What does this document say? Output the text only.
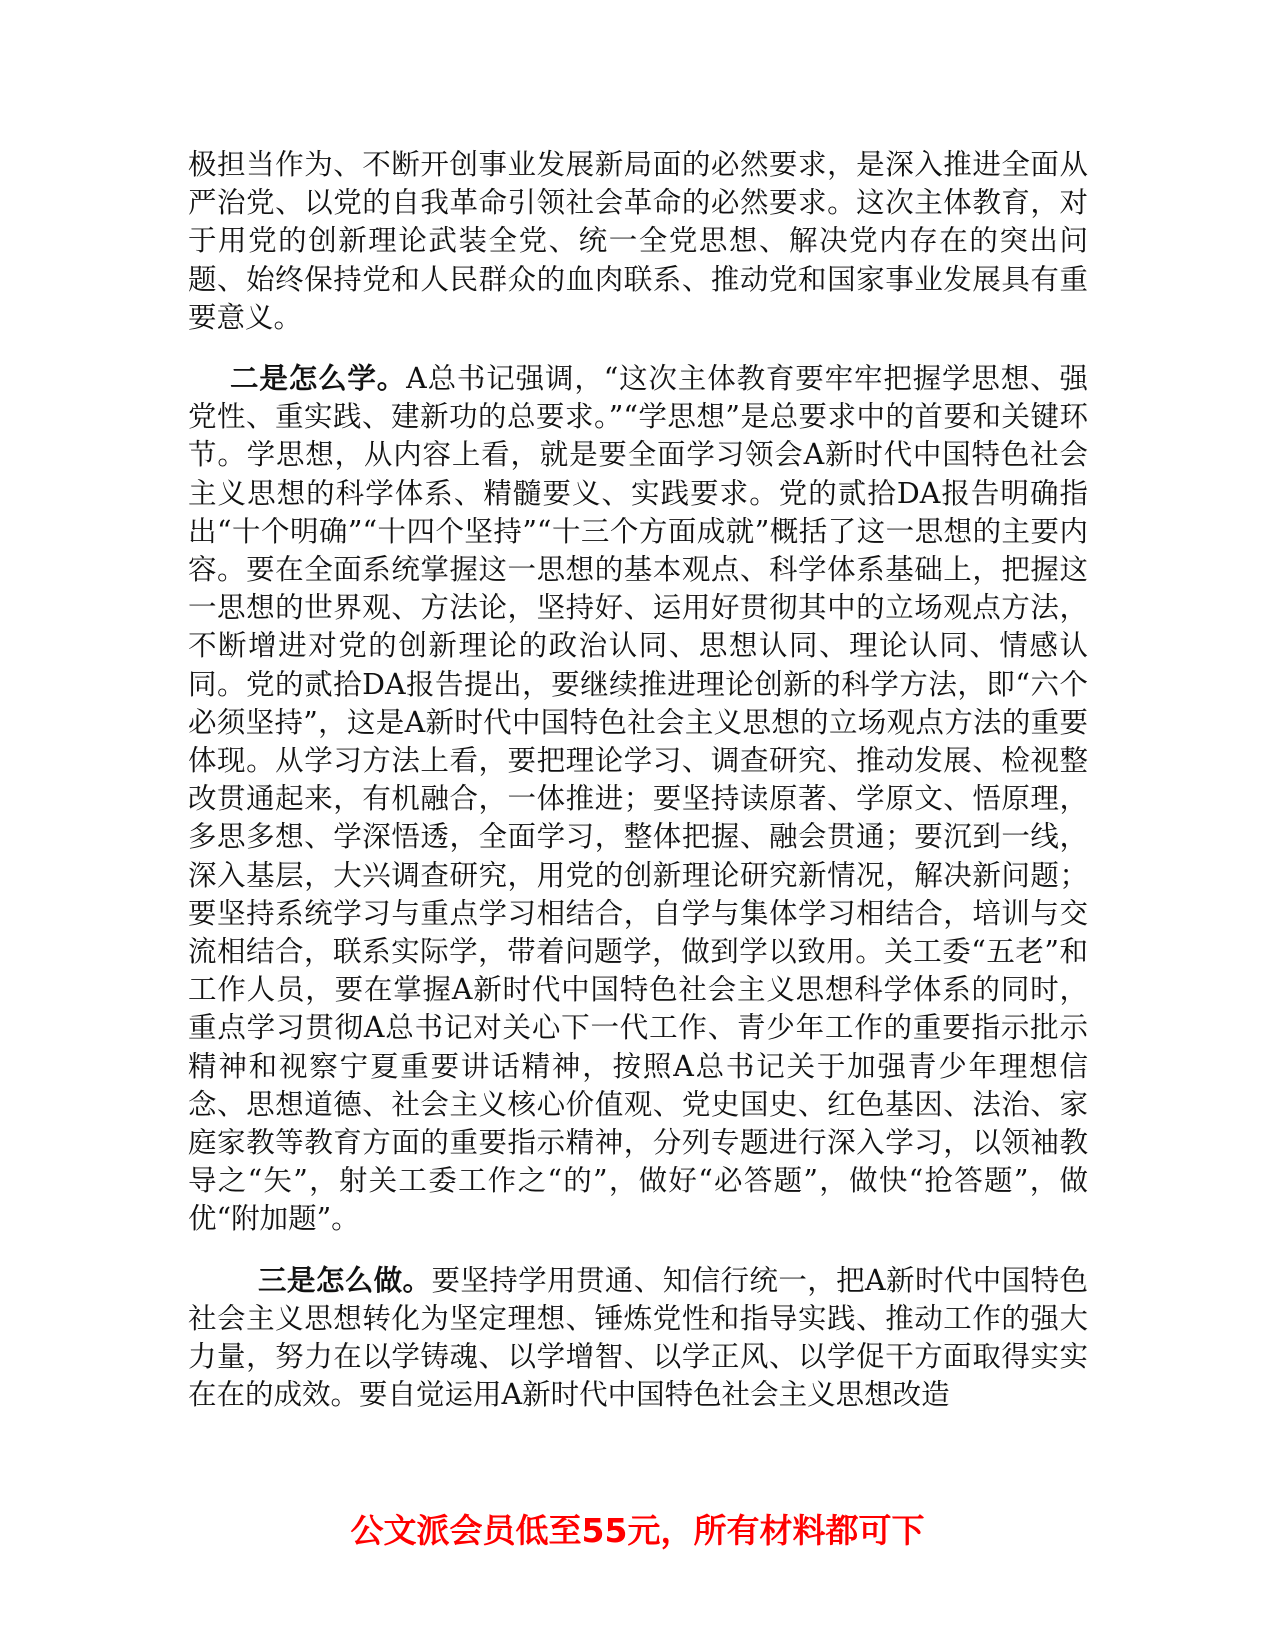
极担当作为、不断开创事业发展新局面的必然要求，是深入推进全面从严治党、以党的自我革命引领社会革命的必然要求。这次主体教育，对于用党的创新理论武装全党、统一全党思想、解决党内存在的突出问题、始终保持党和人民群众的血肉联系、推动党和国家事业发展具有重要意义。

二是怎么学。A总书记强调，“这次主体教育要牢牢把握学思想、强党性、重实践、建新功的总要求。”“学思想”是总要求中的首要和关键环节。学思想，从内容上看，就是要全面学习领会A新时代中国特色社会主义思想的科学体系、精髓要义、实践要求。党的贰拾DA报告明确指出“十个明确”“十四个坚持”“十三个方面成就”概括了这一思想的主要内容。要在全面系统掌握这一思想的基本观点、科学体系基础上，把握这一思想的世界观、方法论，坚持好、运用好贯彻其中的立场观点方法，不断增进对党的创新理论的政治认同、思想认同、理论认同、情感认同。党的贰拾DA报告提出，要继续推进理论创新的科学方法，即“六个必须坚持”，这是A新时代中国特色社会主义思想的立场观点方法的重要体现。从学习方法上看，要把理论学习、调查研究、推动发展、检视整改贯通起来，有机融合，一体推进；要坚持读原著、学原文、悟原理，多思多想、学深悟透，全面学习，整体把握、融会贯通；要沉到一线，深入基层，大兴调查研究，用党的创新理论研究新情况，解决新问题；要坚持系统学习与重点学习相结合，自学与集体学习相结合，培训与交流相结合，联系实际学，带着问题学，做到学以致用。关工委“五老”和工作人员，要在掌握A新时代中国特色社会主义思想科学体系的同时，重点学习贯彻A总书记对关心下一代工作、青少年工作的重要指示批示精神和视察宁夏重要讲话精神，按照A总书记关于加强青少年理想信念、思想道德、社会主义核心价值观、党史国史、红色基因、法治、家庭家教等教育方面的重要指示精神，分列专题进行深入学习，以领袖教导之“矢”，射关工委工作之“的”，做好“必答题”，做快“抢答题”，做优“附加题”。

三是怎么做。要坚持学用贯通、知信行统一，把A新时代中国特色社会主义思想转化为坚定理想、锤炼党性和指导实践、推动工作的强大力量，努力在以学铸魂、以学增智、以学正风、以学促干方面取得实实在在的成效。要自觉运用A新时代中国特色社会主义思想改造

公文派会员低至55元，所有材料都可下
